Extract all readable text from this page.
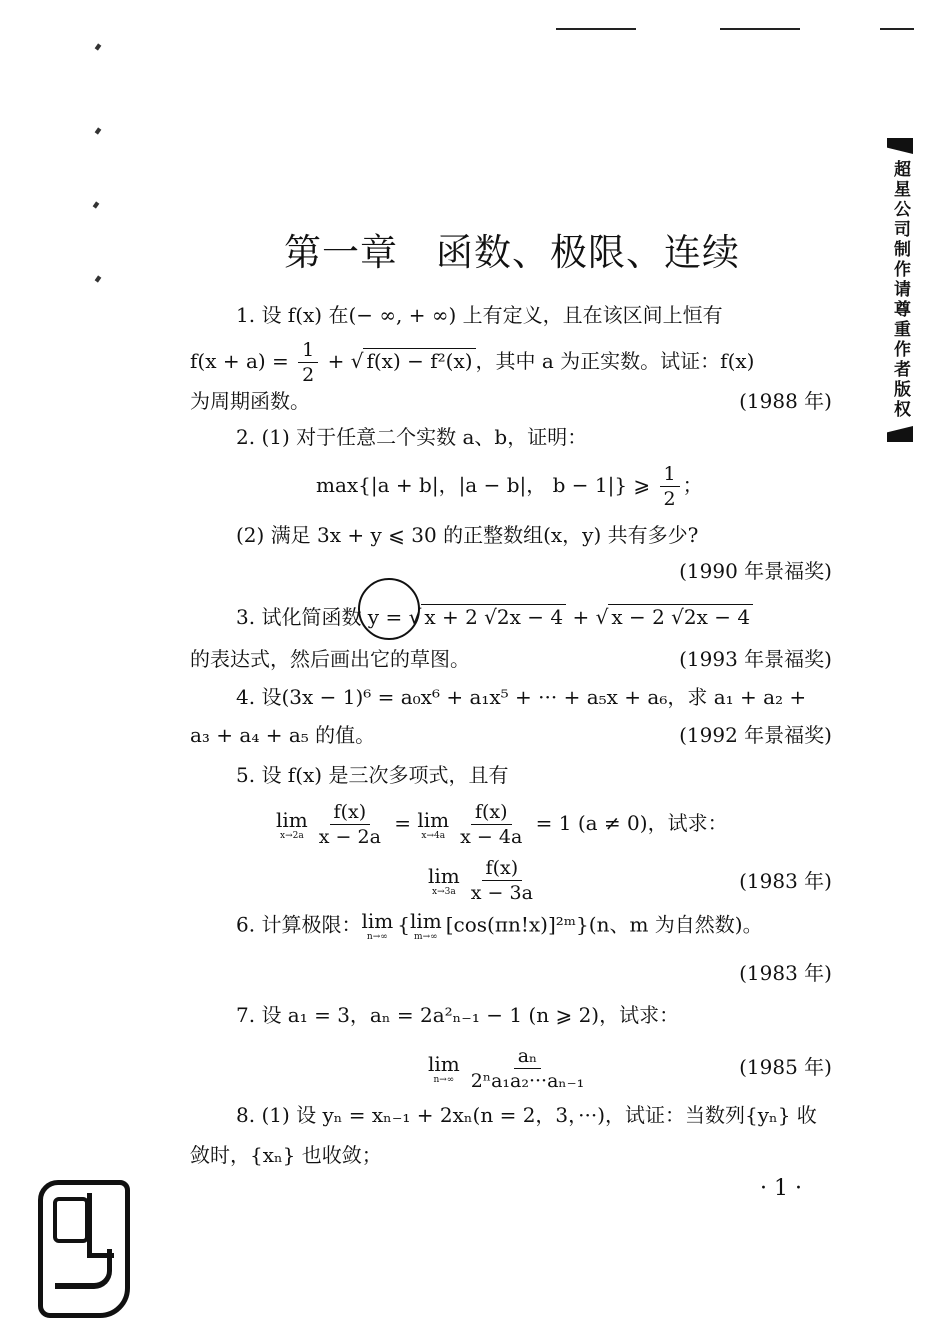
超星公司制作请尊重作者版权
第一章 函数、极限、连续
1. 设 f(x) 在(− ∞, + ∞) 上有定义，且在该区间上恒有
$f(x + a) = \frac{1}{2}$ + √ f(x) − f²(x) ，其中 a 为正实数。试证：f(x)
为周期函数。	(1988 年)
2. (1) 对于任意二个实数 a、b，证明：
max{|a + b|，|a − b|， b − 1|} ⩾ $\frac{1}{2}$ ；
(2) 满足 3x + y ⩽ 30 的正整数组(x，y) 共有多少?
(1990 年景福奖)
3. 试化简函数 y = √ x + 2 √2x − 4 + √ x − 2 √2x − 4
的表达式，然后画出它的草图。	(1993 年景福奖)
4. 设(3x − 1)⁶ = a₀x⁶ + a₁x⁵ + ··· + a₅x + a₆，求 a₁ + a₂ +
a₃ + a₄ + a₅ 的值。	(1992 年景福奖)
5. 设 f(x) 是三次多项式，且有
lim
$x\to 2a \frac{f(x)}{x - 2a} = \lim$
$x\to 4a \frac{f(x)}{x - 4a} = 1$ (a ≠ 0)，试求：
lim
$x\to 3a \frac{f(x)}{x - 3a}$	(1983 年)
6. 计算极限： lim
n→∞
{ lim
m→∞
[cos(πn!x)]²ᵐ}(n、m 为自然数)。
(1983 年)
7. 设 a₁ = 3，aₙ = 2a²ₙ₋₁ − 1 (n ⩾ 2)，试求：
lim
$n\to\infty \frac{\text{aₙ}}{\text{2ⁿa₁a₂···aₙ₋₁}}$	(1985 年)
8. (1) 设 yₙ = xₙ₋₁ + 2xₙ(n = 2，3，···)，试证：当数列{yₙ} 收
敛时，{xₙ} 也收敛；
· 1 ·
